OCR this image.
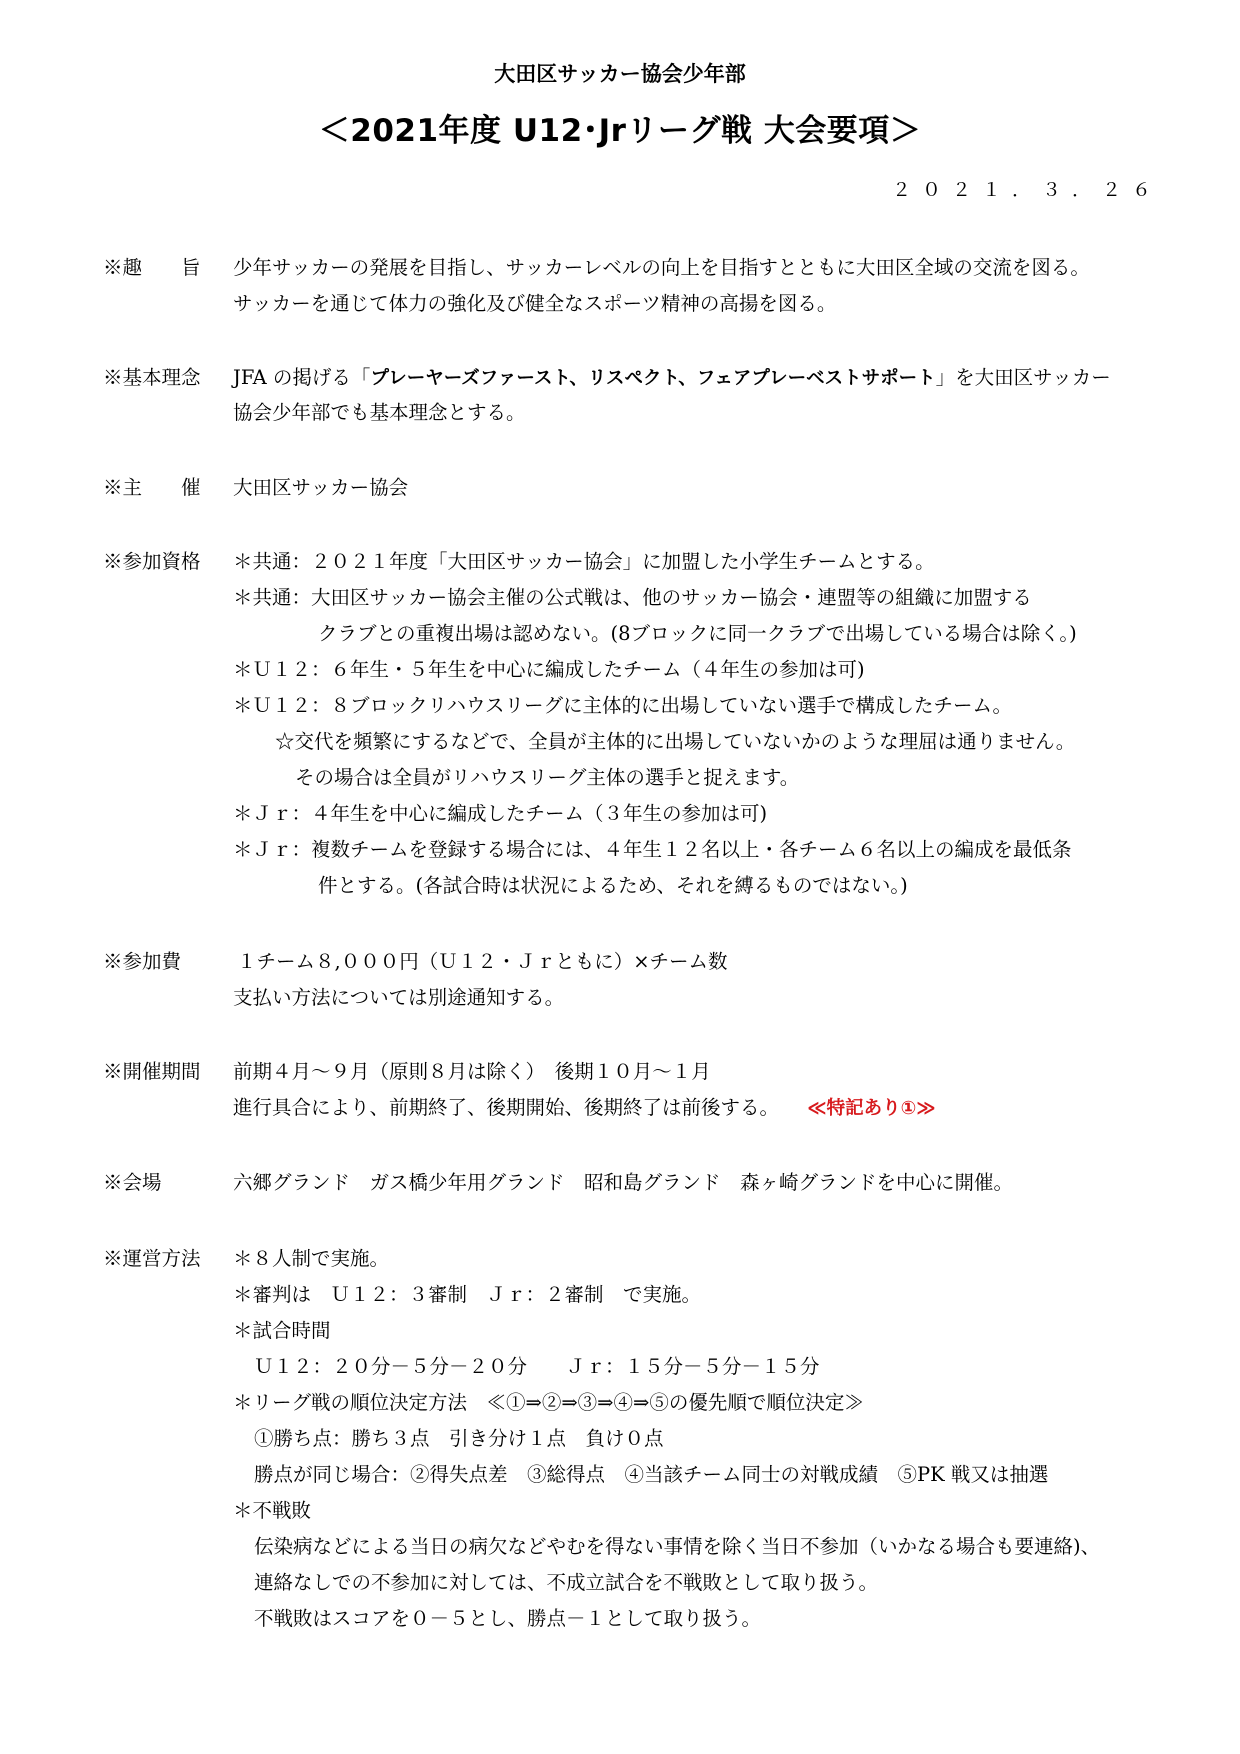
大田区サッカー協会少年部
＜2021年度 U12･Jrリーグ戦 大会要項＞
２０２１．３．２６
※趣　　旨 少年サッカーの発展を目指し、サッカーレベルの向上を目指すとともに大田区全域の交流を図る。
サッカーを通じて体力の強化及び健全なスポーツ精神の高揚を図る。
※基本理念 JFA の掲げる「プレーヤーズファースト、リスペクト、フェアプレーベストサポート」を大田区サッカー
協会少年部でも基本理念とする。
※主　　催 大田区サッカー協会
※参加資格 ＊共通：２０２１年度「大田区サッカー協会」に加盟した小学生チームとする。
＊共通：大田区サッカー協会主催の公式戦は、他のサッカー協会・連盟等の組織に加盟する
クラブとの重複出場は認めない。(8ブロックに同一クラブで出場している場合は除く。)
＊Ｕ１２：６年生・５年生を中心に編成したチーム（４年生の参加は可)
＊Ｕ１２：８ブロックリハウスリーグに主体的に出場していない選手で構成したチーム。
☆交代を頻繁にするなどで、全員が主体的に出場していないかのような理屈は通りません。
その場合は全員がリハウスリーグ主体の選手と捉えます。
＊Ｊｒ：４年生を中心に編成したチーム（３年生の参加は可)
＊Ｊｒ：複数チームを登録する場合には、４年生１２名以上・各チーム６名以上の編成を最低条
件とする。(各試合時は状況によるため、それを縛るものではない。)
※参加費	１チーム８,０００円（Ｕ１２・Ｊｒともに）×チーム数
支払い方法については別途通知する。
※開催期間 前期４月～９月（原則８月は除く）　後期１０月～１月
進行具合により、前期終了、後期開始、後期終了は前後する。 ≪特記あり①≫
※会場	六郷グランド　ガス橋少年用グランド　昭和島グランド　森ヶ崎グランドを中心に開催。
※運営方法 ＊８人制で実施。
＊審判は　Ｕ１２：３審制　Ｊｒ：２審制　で実施。
＊試合時間
Ｕ１２：２０分－５分－２０分　　Ｊｒ：１５分－５分－１５分
＊リーグ戦の順位決定方法　≪①⇒②⇒③⇒④⇒⑤の優先順で順位決定≫
①勝ち点：勝ち３点　引き分け１点　負け０点
勝点が同じ場合：②得失点差　③総得点　④当該チーム同士の対戦成績　⑤PK 戦又は抽選
＊不戦敗
伝染病などによる当日の病欠などやむを得ない事情を除く当日不参加（いかなる場合も要連絡)、
連絡なしでの不参加に対しては、不成立試合を不戦敗として取り扱う。
不戦敗はスコアを０－５とし、勝点－１として取り扱う。
